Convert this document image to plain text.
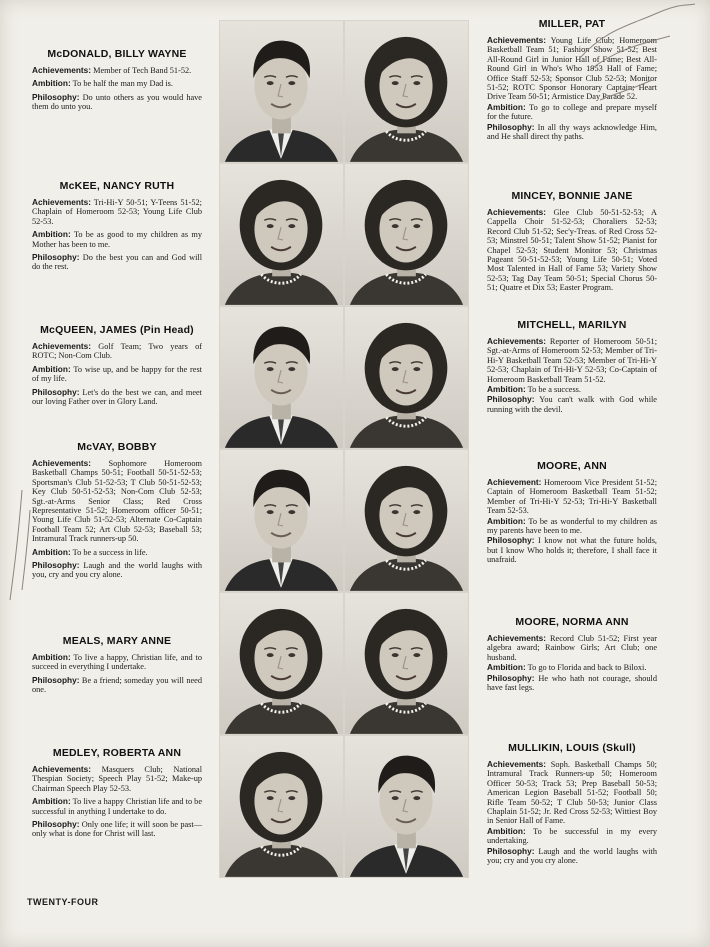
McDONALD, BILLY WAYNE

Achievements: Member of Tech Band 51-52.

Ambition: To be half the man my Dad is.

Philosophy: Do unto others as you would have them do unto you.

McKEE, NANCY RUTH

Achievements: Tri-Hi-Y 50-51; Y-Teens 51-52; Chaplain of Homeroom 52-53; Young Life Club 52-53.

Ambition: To be as good to my children as my Mother has been to me.

Philosophy: Do the best you can and God will do the rest.

McQUEEN, JAMES (Pin Head)

Achievements: Golf Team; Two years of ROTC; Non-Com Club.

Ambition: To wise up, and be happy for the rest of my life.

Philosophy: Let's do the best we can, and meet our loving Father over in Glory Land.

McVAY, BOBBY

Achievements: Sophomore Homeroom Basketball Champs 50-51; Football 50-51-52-53; Sportsman's Club 51-52-53; T Club 50-51-52-53; Key Club 50-51-52-53; Non-Com Club 52-53; Sgt.-at-Arms Senior Class; Red Cross Representative 51-52; Homeroom officer 50-51; Young Life Club 51-52-53; Alternate Co-Captain Football Team 52; Art Club 52-53; Baseball 53; Intramural Track runners-up 50.

Ambition: To be a success in life.

Philosophy: Laugh and the world laughs with you, cry and you cry alone.

MEALS, MARY ANNE

Ambition: To live a happy, Christian life, and to succeed in everything I undertake.

Philosophy: Be a friend; someday you will need one.

MEDLEY, ROBERTA ANN

Achievements: Masquers Club; National Thespian Society; Speech Play 51-52; Make-up Chairman Speech Play 52-53.

Ambition: To live a happy Christian life and to be successful in anything I undertake to do.

Philosophy: Only one life; it will soon be past—only what is done for Christ will last.

MILLER, PAT

Achievements: Young Life Club; Homeroom Basketball Team 51; Fashion Show 51-52; Best All-Round Girl in Junior Hall of Fame; Best All-Round Girl in Who's Who 1953 Hall of Fame; Office Staff 52-53; Sponsor Club 52-53; Monitor 51-52; ROTC Sponsor Honorary Captain; Heart Drive Team 50-51; Armistice Day Parade 52.

Ambition: To go to college and prepare myself for the future.

Philosophy: In all thy ways acknowledge Him, and He shall direct thy paths.

MINCEY, BONNIE JANE

Achievements: Glee Club 50-51-52-53; A Cappella Choir 51-52-53; Choraliers 52-53; Record Club 51-52; Sec'y-Treas. of Red Cross 52-53; Minstrel 50-51; Talent Show 51-52; Pianist for Chapel 52-53; Student Monitor 53; Christmas Pageant 50-51-52-53; Young Life 50-51; Voted Most Talented in Hall of Fame 53; Variety Show 52-53; Tag Day Team 50-51; Special Chorus 50-51; Quatre et Dix 53; Easter Program.

MITCHELL, MARILYN

Achievements: Reporter of Homeroom 50-51; Sgt.-at-Arms of Homeroom 52-53; Member of Tri-Hi-Y Basketball Team 52-53; Member of Tri-Hi-Y 52-53; Chaplain of Tri-Hi-Y 52-53; Co-Captain of Homeroom Basketball Team 51-52.

Ambition: To be a success.

Philosophy: You can't walk with God while running with the devil.

MOORE, ANN

Achievement: Homeroom Vice President 51-52; Captain of Homeroom Basketball Team 51-52; Member of Tri-Hi-Y 52-53; Tri-Hi-Y Basketball Team 52-53.

Ambition: To be as wonderful to my children as my parents have been to me.

Philosophy: I know not what the future holds, but I know Who holds it; therefore, I shall face it unafraid.

MOORE, NORMA ANN

Achievements: Record Club 51-52; First year algebra award; Rainbow Girls; Art Club; one husband.

Ambition: To go to Florida and back to Biloxi.

Philosophy: He who hath not courage, should have fast legs.

MULLIKIN, LOUIS (Skull)

Achievements: Soph. Basketball Champs 50; Intramural Track Runners-up 50; Homeroom Officer 50-53; Track 53; Prep Baseball 50-53; American Legion Baseball 51-52; Football 50; Rifle Team 50-52; T Club 50-53; Junior Class Chaplain 51-52; Jr. Red Cross 52-53; Wittiest Boy in Senior Hall of Fame.

Ambition: To be successful in my every undertaking.

Philosophy: Laugh and the world laughs with you; cry and you cry alone.

TWENTY-FOUR
